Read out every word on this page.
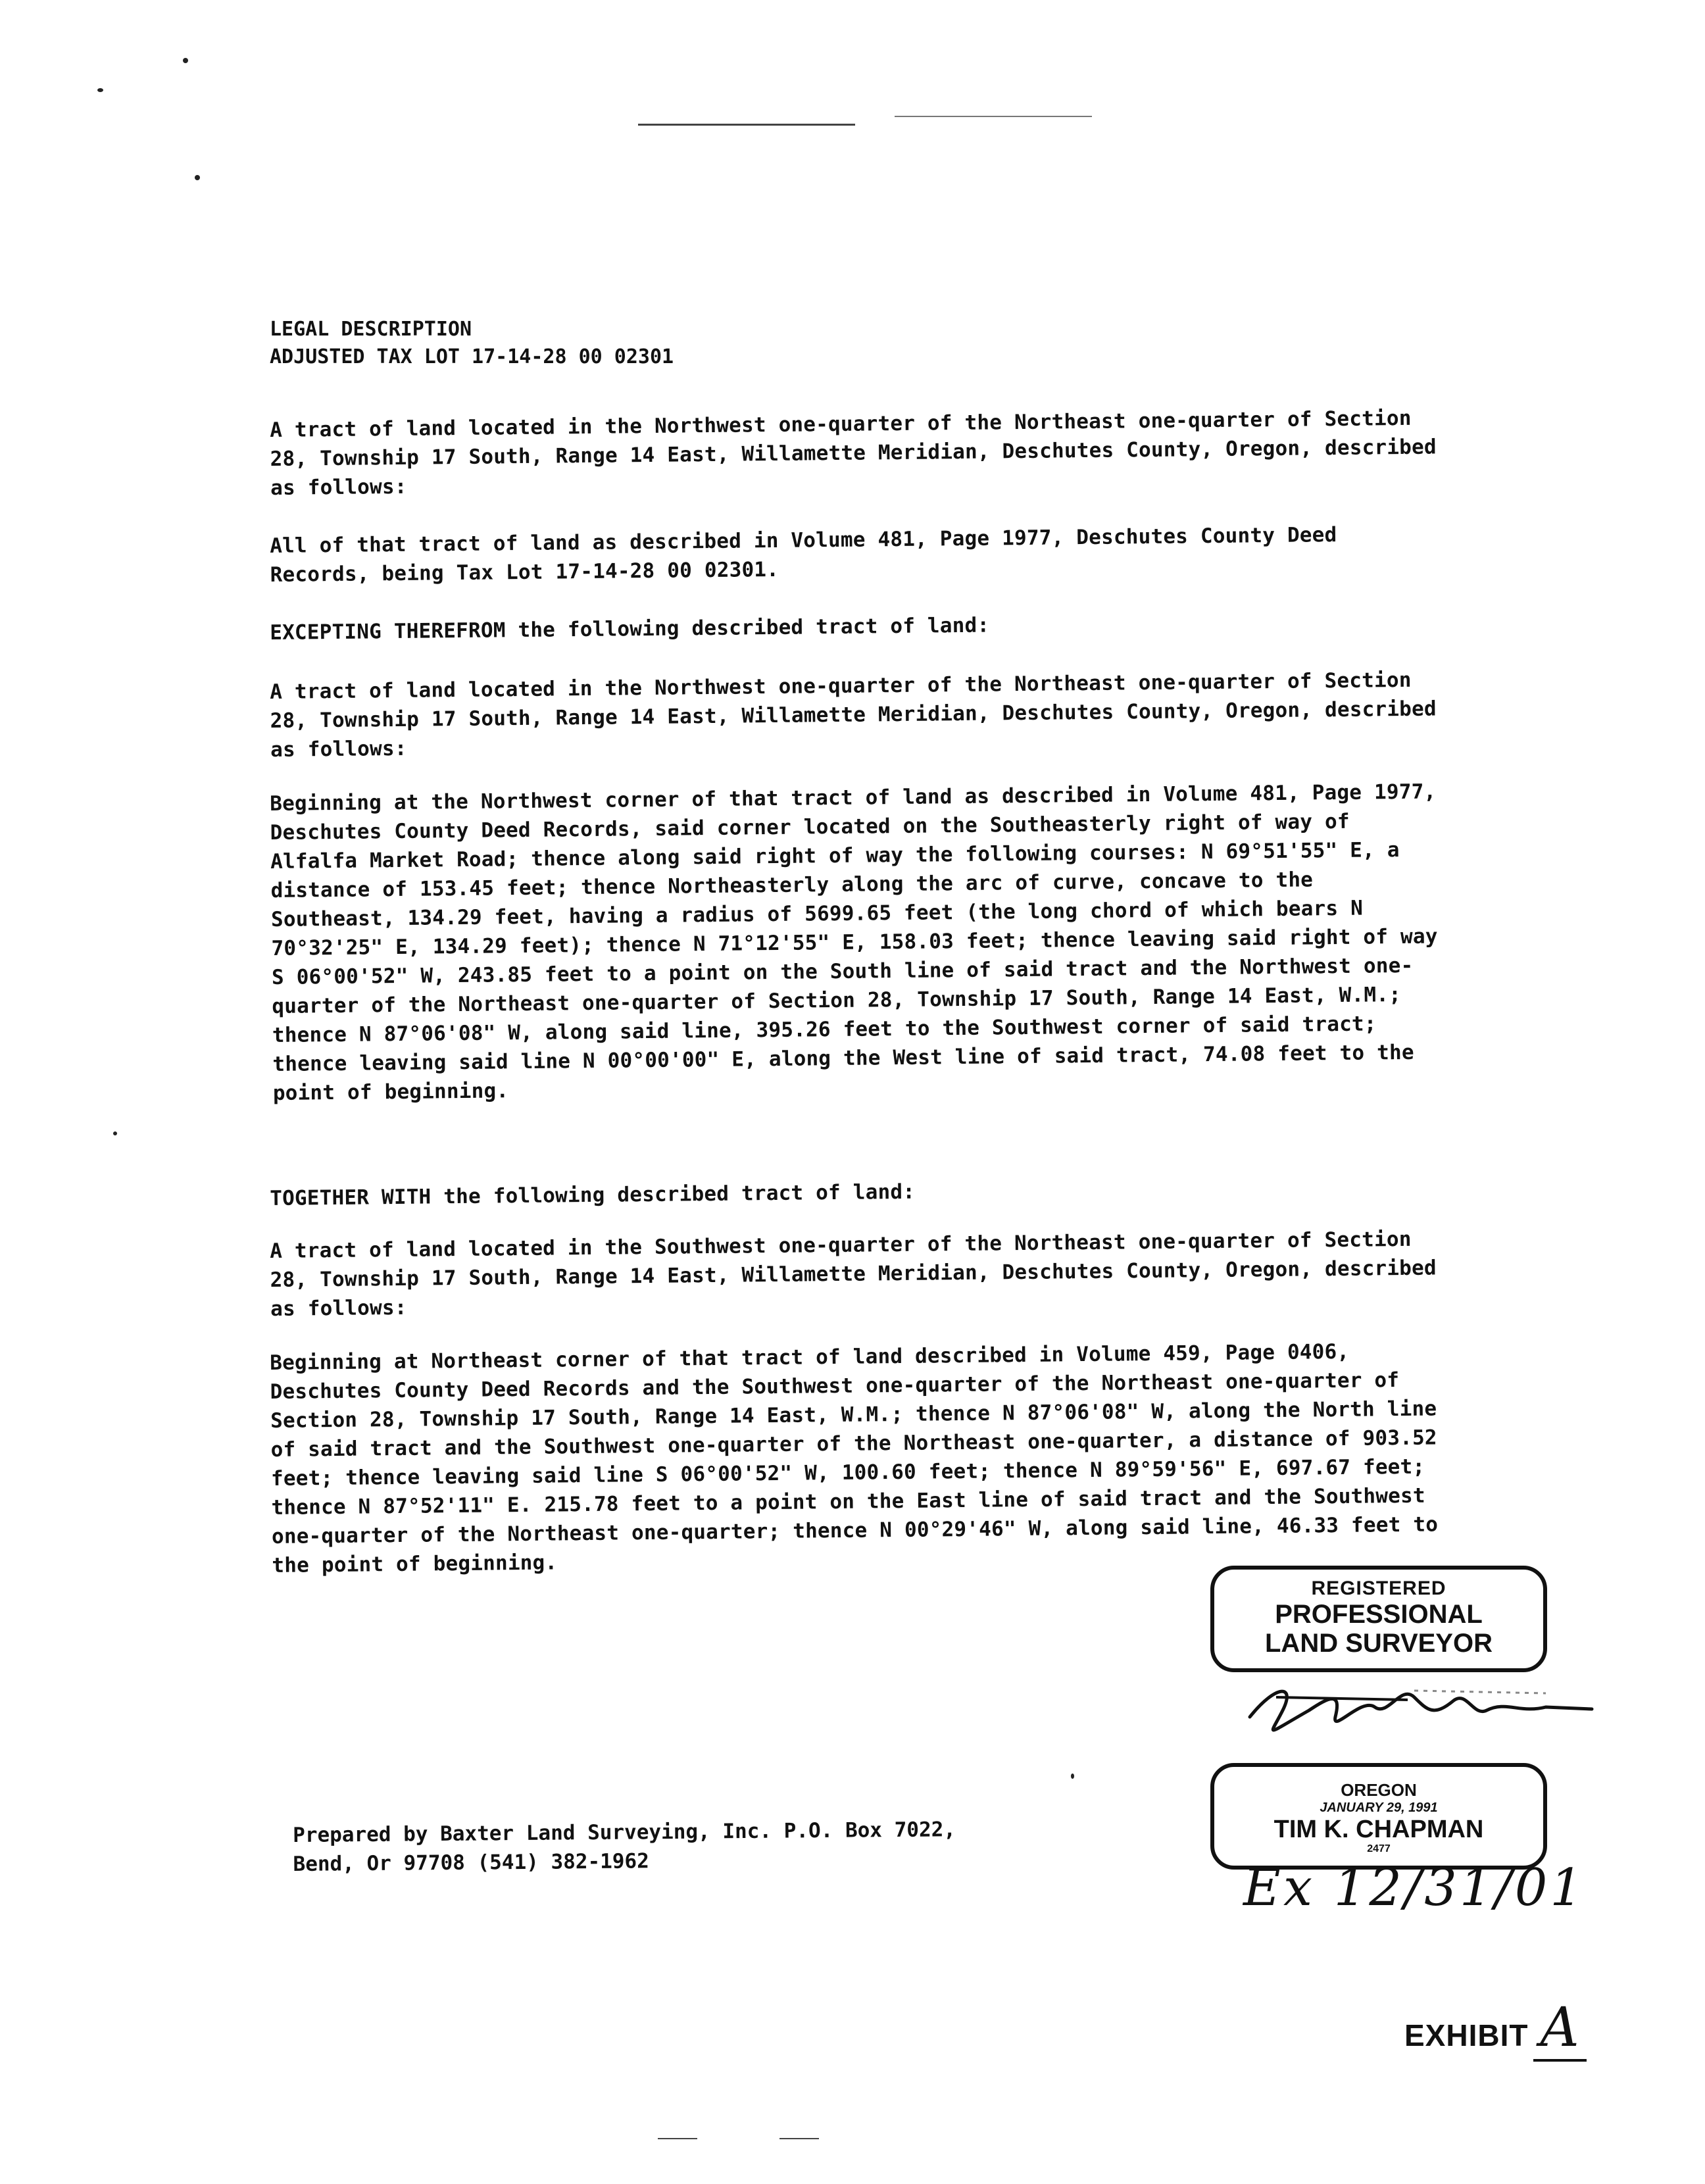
LEGAL DESCRIPTION
ADJUSTED TAX LOT 17-14-28 00 02301
A tract of land located in the Northwest one-quarter of the Northeast one-quarter of Section 28, Township 17 South, Range 14 East, Willamette Meridian, Deschutes County, Oregon, described as follows:
All of that tract of land as described in Volume 481, Page 1977, Deschutes County Deed Records, being Tax Lot 17-14-28 00 02301.
EXCEPTING THEREFROM the following described tract of land:
A tract of land located in the Northwest one-quarter of the Northeast one-quarter of Section 28, Township 17 South, Range 14 East, Willamette Meridian, Deschutes County, Oregon, described as follows:
Beginning at the Northwest corner of that tract of land as described in Volume 481, Page 1977, Deschutes County Deed Records, said corner located on the Southeasterly right of way of Alfalfa Market Road; thence along said right of way the following courses: N 69°51'55" E, a distance of 153.45 feet; thence Northeasterly along the arc of curve, concave to the Southeast, 134.29 feet, having a radius of 5699.65 feet (the long chord of which bears N 70°32'25" E, 134.29 feet); thence N 71°12'55" E, 158.03 feet; thence leaving said right of way S 06°00'52" W, 243.85 feet to a point on the South line of said tract and the Northwest one-quarter of the Northeast one-quarter of Section 28, Township 17 South, Range 14 East, W.M.; thence N 87°06'08" W, along said line, 395.26 feet to the Southwest corner of said tract; thence leaving said line N 00°00'00" E, along the West line of said tract, 74.08 feet to the point of beginning.
TOGETHER WITH the following described tract of land:
A tract of land located in the Southwest one-quarter of the Northeast one-quarter of Section 28, Township 17 South, Range 14 East, Willamette Meridian, Deschutes County, Oregon, described as follows:
Beginning at Northeast corner of that tract of land described in Volume 459, Page 0406, Deschutes County Deed Records and the Southwest one-quarter of the Northeast one-quarter of Section 28, Township 17 South, Range 14 East, W.M.; thence N 87°06'08" W, along the North line of said tract and the Southwest one-quarter of the Northeast one-quarter, a distance of 903.52 feet; thence leaving said line S 06°00'52" W, 100.60 feet; thence N 89°59'56" E, 697.67 feet; thence N 87°52'11" E. 215.78 feet to a point on the East line of said tract and the Southwest one-quarter of the Northeast one-quarter; thence N 00°29'46" W, along said line, 46.33 feet to the point of beginning.
REGISTERED
PROFESSIONAL
LAND SURVEYOR
OREGON
JANUARY 29, 1991
TIM K. CHAPMAN
2477
Ex 12/31/01
Prepared by Baxter Land Surveying, Inc. P.O. Box 7022,
Bend, Or 97708 (541) 382-1962
EXHIBIT A
